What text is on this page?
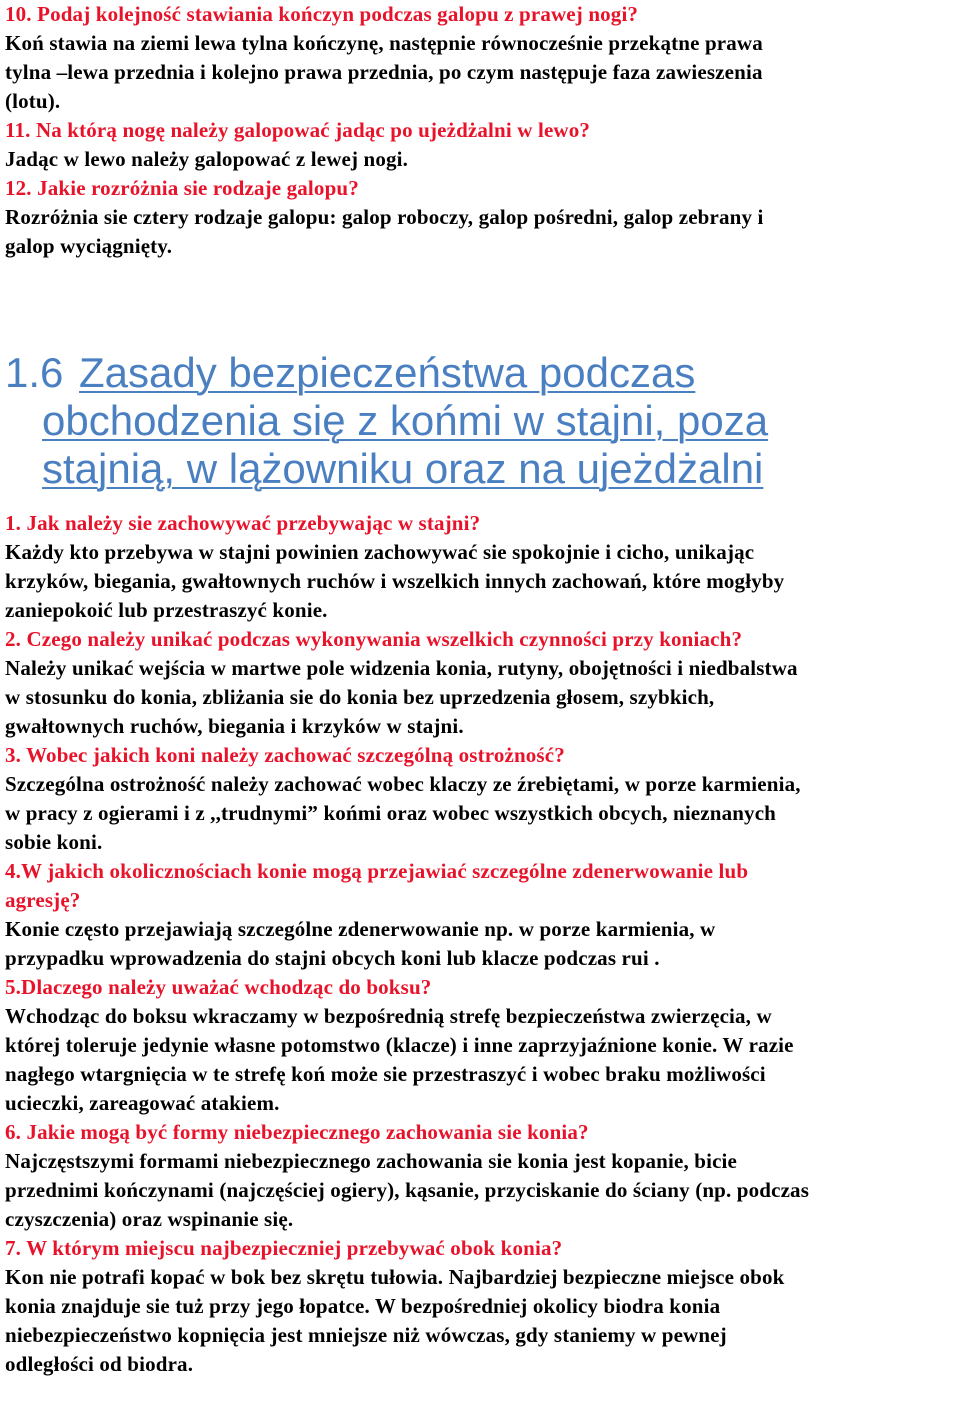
10. Podaj kolejność stawiania kończyn podczas galopu z prawej nogi?
Koń stawia na ziemi lewa tylna kończynę, następnie równocześnie przekątne prawa
tylna –lewa przednia i kolejno prawa przednia, po czym następuje faza zawieszenia
(lotu).
11. Na którą nogę należy galopować jadąc po ujeżdżalni w lewo?
Jadąc w lewo należy galopować z lewej nogi.
12. Jakie rozróżnia sie rodzaje galopu?
Rozróżnia sie cztery rodzaje galopu: galop roboczy, galop pośredni, galop zebrany i
galop wyciągnięty.
1.6 Zasady bezpieczeństwa podczas
obchodzenia się z końmi w stajni, poza
stajnią, w lążowniku oraz na ujeżdżalni
1. Jak należy sie zachowywać przebywając w stajni?
Każdy kto przebywa w stajni powinien zachowywać sie spokojnie i cicho, unikając
krzyków, biegania, gwałtownych ruchów i wszelkich innych zachowań, które mogłyby
zaniepokoić lub przestraszyć konie.
2. Czego należy unikać podczas wykonywania wszelkich czynności przy koniach?
Należy unikać wejścia w martwe pole widzenia konia, rutyny, obojętności i niedbalstwa
w stosunku do konia, zbliżania sie do konia bez uprzedzenia głosem, szybkich,
gwałtownych ruchów, biegania i krzyków w stajni.
3. Wobec jakich koni należy zachować szczególną ostrożność?
Szczególna ostrożność należy zachować wobec klaczy ze źrebiętami, w porze karmienia,
w pracy z ogierami i z ,,trudnymi” końmi oraz wobec wszystkich obcych, nieznanych
sobie koni.
4.W jakich okolicznościach konie mogą przejawiać szczególne zdenerwowanie lub
agresję?
Konie często przejawiają szczególne zdenerwowanie np. w porze karmienia, w
przypadku wprowadzenia do stajni obcych koni lub klacze podczas rui .
5.Dlaczego należy uważać wchodząc do boksu?
Wchodząc do boksu wkraczamy w bezpośrednią strefę bezpieczeństwa zwierzęcia, w
której toleruje jedynie własne potomstwo (klacze) i inne zaprzyjaźnione konie. W razie
nagłego wtargnięcia w te strefę koń może sie przestraszyć i wobec braku możliwości
ucieczki, zareagować atakiem.
6. Jakie mogą być formy niebezpiecznego zachowania sie konia?
Najczęstszymi formami niebezpiecznego zachowania sie konia jest kopanie, bicie
przednimi kończynami (najczęściej ogiery), kąsanie, przyciskanie do ściany (np. podczas
czyszczenia) oraz wspinanie się.
7. W którym miejscu najbezpieczniej przebywać obok konia?
Kon nie potrafi kopać w bok bez skrętu tułowia. Najbardziej bezpieczne miejsce obok
konia znajduje sie tuż przy jego łopatce. W bezpośredniej okolicy biodra konia
niebezpieczeństwo kopnięcia jest mniejsze niż wówczas, gdy staniemy w pewnej
odległości od biodra.
